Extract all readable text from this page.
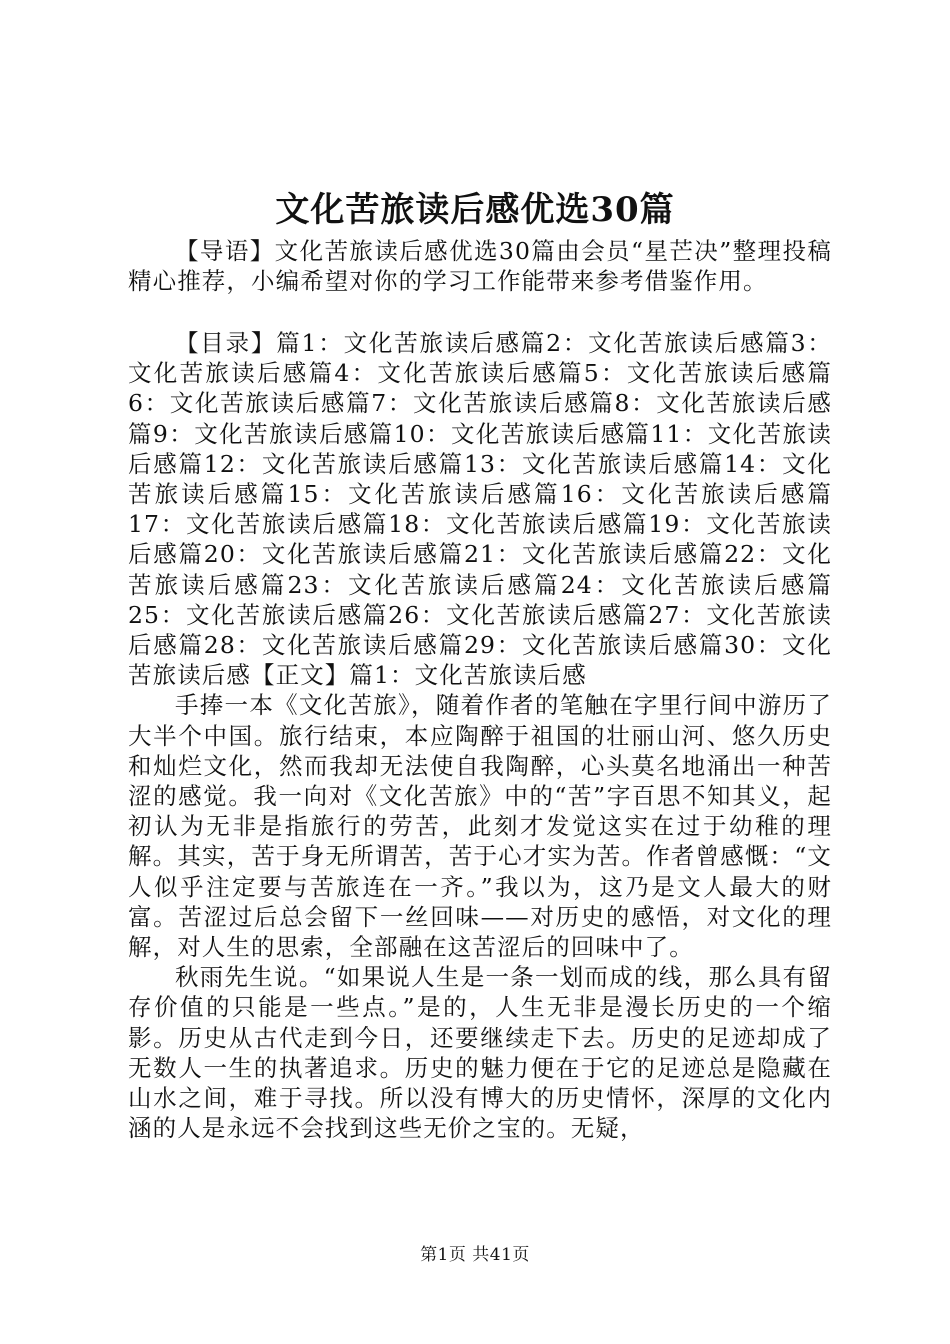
文化苦旅读后感优选30篇

【导语】文化苦旅读后感优选30篇由会员“星芒决”整理投稿精心推荐，小编希望对你的学习工作能带来参考借鉴作用。

【目录】篇1：文化苦旅读后感篇2：文化苦旅读后感篇3：文化苦旅读后感篇4：文化苦旅读后感篇5：文化苦旅读后感篇6：文化苦旅读后感篇7：文化苦旅读后感篇8：文化苦旅读后感篇9：文化苦旅读后感篇10：文化苦旅读后感篇11：文化苦旅读后感篇12：文化苦旅读后感篇13：文化苦旅读后感篇14：文化苦旅读后感篇15：文化苦旅读后感篇16：文化苦旅读后感篇17：文化苦旅读后感篇18：文化苦旅读后感篇19：文化苦旅读后感篇20：文化苦旅读后感篇21：文化苦旅读后感篇22：文化苦旅读后感篇23：文化苦旅读后感篇24：文化苦旅读后感篇25：文化苦旅读后感篇26：文化苦旅读后感篇27：文化苦旅读后感篇28：文化苦旅读后感篇29：文化苦旅读后感篇30：文化苦旅读后感【正文】篇1：文化苦旅读后感

手捧一本《文化苦旅》，随着作者的笔触在字里行间中游历了大半个中国。旅行结束，本应陶醉于祖国的壮丽山河、悠久历史和灿烂文化，然而我却无法使自我陶醉，心头莫名地涌出一种苦涩的感觉。我一向对《文化苦旅》中的“苦”字百思不知其义，起初认为无非是指旅行的劳苦，此刻才发觉这实在过于幼稚的理解。其实，苦于身无所谓苦，苦于心才实为苦。作者曾感慨：“文人似乎注定要与苦旅连在一齐。”我以为，这乃是文人最大的财富。苦涩过后总会留下一丝回味——对历史的感悟，对文化的理解，对人生的思索，全部融在这苦涩后的回味中了。

秋雨先生说。“如果说人生是一条一划而成的线，那么具有留存价值的只能是一些点。”是的，人生无非是漫长历史的一个缩影。历史从古代走到今日，还要继续走下去。历史的足迹却成了无数人一生的执著追求。历史的魅力便在于它的足迹总是隐藏在山水之间，难于寻找。所以没有博大的历史情怀，深厚的文化内涵的人是永远不会找到这些无价之宝的。无疑，

第1页 共41页
